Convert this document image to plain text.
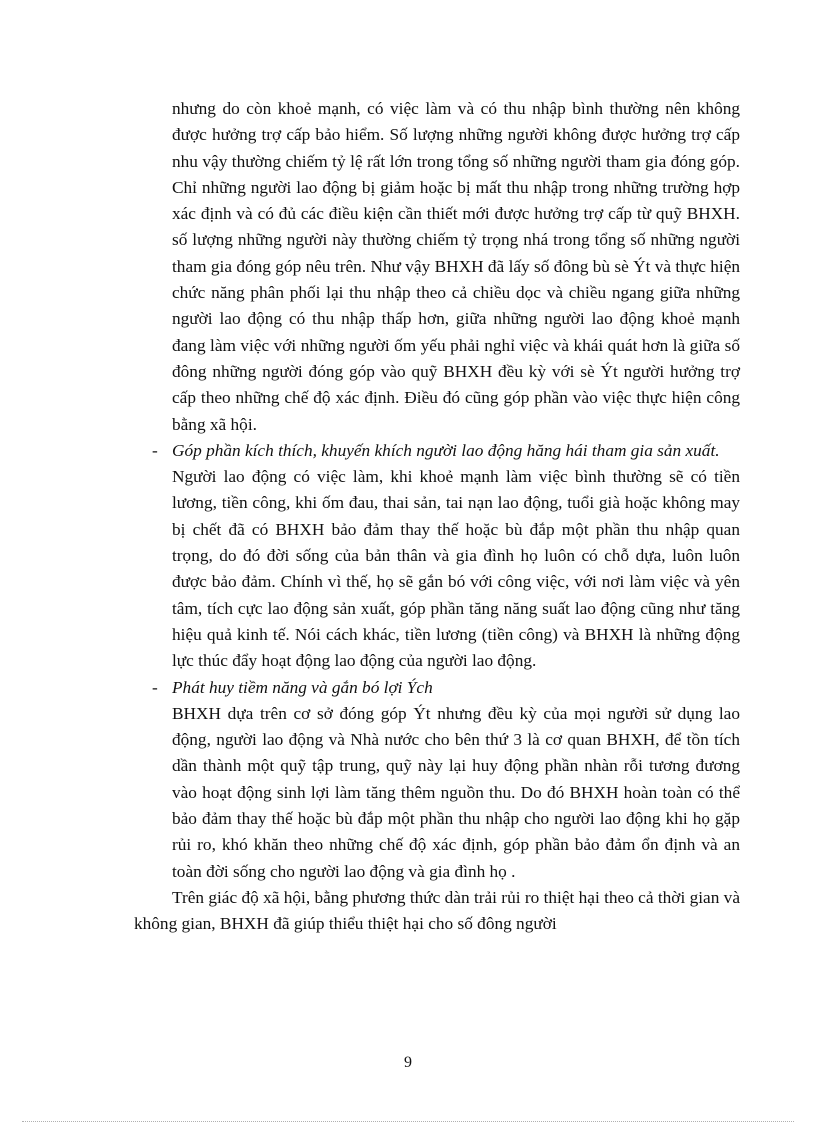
nhưng do còn khoẻ mạnh, có việc làm và có thu nhập bình thường nên không được hưởng trợ cấp bảo hiểm. Số lượng những người không được hưởng trợ cấp nhu vậy thường chiếm tỷ lệ rất lớn trong tổng số những người tham gia đóng góp. Chỉ những người lao động bị giảm hoặc bị mất thu nhập trong những trường hợp xác định và có đủ các điều kiện cần thiết mới được hưởng trợ cấp từ quỹ BHXH. số lượng những người này thường chiếm tỷ trọng nhá trong tổng số những người tham gia đóng góp nêu trên. Như vậy BHXH đã lấy số đông bù sè Ýt và thực hiện chức năng phân phối lại thu nhập theo cả chiều dọc và chiều ngang giữa những người lao động có thu nhập thấp hơn, giữa những người lao động khoẻ mạnh đang làm việc với những người ốm yếu phải nghỉ việc và khái quát hơn là giữa số đông những người đóng góp vào quỹ BHXH đều kỳ với sè Ýt người hưởng trợ cấp theo những chế độ xác định. Điều đó cũng góp phần vào việc thực hiện công bằng xã hội.

- Góp phần kích thích, khuyến khích người lao động hăng hái tham gia sản xuất.

Người lao động có việc làm, khi khoẻ mạnh làm việc bình thường sẽ có tiền lương, tiền công, khi ốm đau, thai sản, tai nạn lao động, tuổi già hoặc không may bị chết đã có BHXH bảo đảm thay thế hoặc bù đắp một phần thu nhập quan trọng, do đó đời sống của bản thân và gia đình họ luôn có chỗ dựa, luôn luôn được bảo đảm. Chính vì thế, họ sẽ gắn bó với công việc, với nơi làm việc và yên tâm, tích cực lao động sản xuất, góp phần tăng năng suất lao động cũng như tăng hiệu quả kinh tế. Nói cách khác, tiền lương (tiền công) và BHXH là những động lực thúc đẩy hoạt động lao động của người lao động.

- Phát huy tiềm năng và gắn bó lợi Ých

BHXH dựa trên cơ sở đóng góp Ýt nhưng đều kỳ của mọi người sử dụng lao động, người lao động và Nhà nước cho bên thứ 3 là cơ quan BHXH, để tồn tích dần thành một quỹ tập trung, quỹ này lại huy động phần nhàn rỗi tương đương vào hoạt động sinh lợi làm tăng thêm nguồn thu. Do đó BHXH hoàn toàn có thể bảo đảm thay thế hoặc bù đắp một phần thu nhập cho người lao động khi họ gặp rủi ro, khó khăn theo những chế độ xác định, góp phần bảo đảm ổn định và an toàn đời sống cho người lao động và gia đình họ .

Trên giác độ xã hội, bằng phương thức dàn trải rủi ro thiệt hại theo cả thời gian và không gian, BHXH đã giúp thiểu thiệt hại cho số đông người

9
